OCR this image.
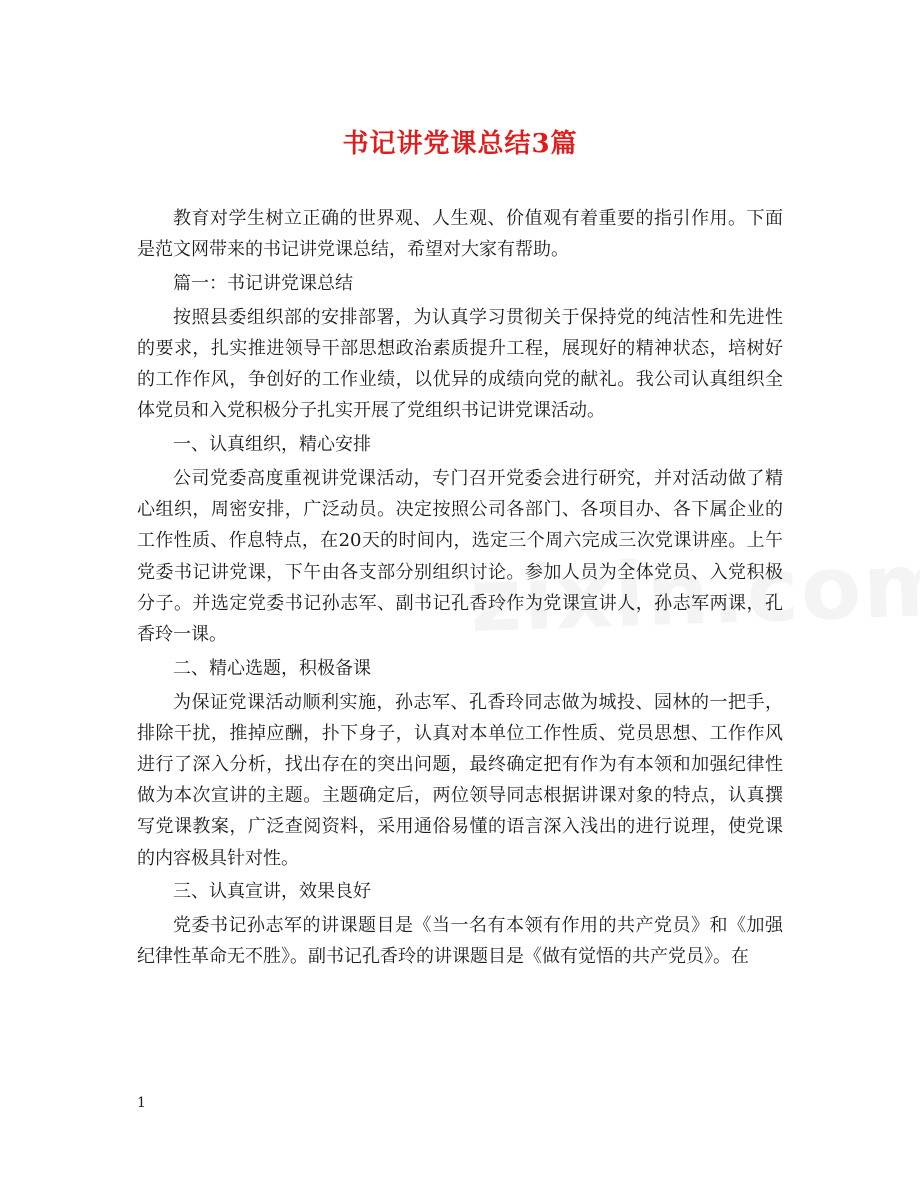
书记讲党课总结3篇

教育对学生树立正确的世界观、人生观、价值观有着重要的指引作用。下面是范文网带来的书记讲党课总结，希望对大家有帮助。

篇一：书记讲党课总结

按照县委组织部的安排部署，为认真学习贯彻关于保持党的纯洁性和先进性的要求，扎实推进领导干部思想政治素质提升工程，展现好的精神状态，培树好的工作作风，争创好的工作业绩，以优异的成绩向党的献礼。我公司认真组织全体党员和入党积极分子扎实开展了党组织书记讲党课活动。

一、认真组织，精心安排

公司党委高度重视讲党课活动，专门召开党委会进行研究，并对活动做了精心组织，周密安排，广泛动员。决定按照公司各部门、各项目办、各下属企业的工作性质、作息特点，在20天的时间内，选定三个周六完成三次党课讲座。上午党委书记讲党课，下午由各支部分别组织讨论。参加人员为全体党员、入党积极分子。并选定党委书记孙志军、副书记孔香玲作为党课宣讲人，孙志军两课，孔香玲一课。

二、精心选题，积极备课

为保证党课活动顺利实施，孙志军、孔香玲同志做为城投、园林的一把手，排除干扰，推掉应酬，扑下身子，认真对本单位工作性质、党员思想、工作作风进行了深入分析，找出存在的突出问题，最终确定把有作为有本领和加强纪律性做为本次宣讲的主题。主题确定后，两位领导同志根据讲课对象的特点，认真撰写党课教案，广泛查阅资料，采用通俗易懂的语言深入浅出的进行说理，使党课的内容极具针对性。

三、认真宣讲，效果良好

党委书记孙志军的讲课题目是《当一名有本领有作用的共产党员》和《加强纪律性革命无不胜》。副书记孔香玲的讲课题目是《做有觉悟的共产党员》。在

1
